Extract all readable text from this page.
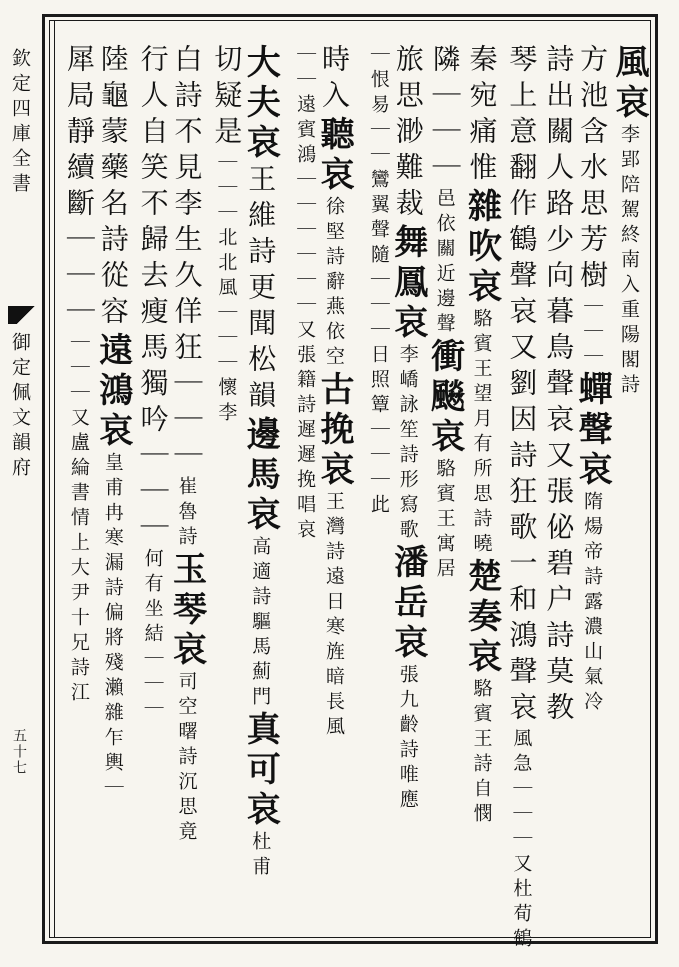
欽定四庫全書
御定佩文韻府
五十七
風哀李郢陪駕終南入重陽閣詩
方池含水思芳樹｜｜｜蟬聲哀隋煬帝詩露濃山氣冷
詩出關人路少向暮鳥聲哀又張佖碧户詩莫教
琴上意翻作鶴聲哀又劉因詩狂歌一和鴻聲哀風急｜｜｜又杜荀鶴
秦宛痛惟雜吹哀駱賓王望月有所思詩曉楚奏哀駱賓王詩自憫
隣｜｜｜邑依關近邊聲衝飈哀駱賓王寓居
旅思渺難裁舞鳳哀李嶠詠笙詩形寫歌潘岳哀張九齡詩唯應
｜恨易｜｜鸞翼聲隨｜｜｜日照簟｜｜｜此
時入聽哀徐堅詩辭燕依空古挽哀王灣詩遠日寒旌暗長風
｜｜遠賓鴻｜｜｜｜｜｜又張籍詩遲遲挽唱哀
大夫哀王維詩更聞松韻邊馬哀高適詩驅馬薊門真可哀杜甫
切疑是｜｜｜北北風｜｜｜懷李
白詩不見李生久佯狂｜｜｜崔魯詩玉琴哀司空曙詩沉思竟
行人自笑不歸去瘦馬獨吟｜｜｜何有坐結｜｜｜
陸龜蒙藥名詩從容遠鴻哀皇甫冉寒漏詩偏將殘瀨雜乍輿｜
犀局靜續斷｜｜｜｜｜｜又盧綸書情上大尹十兄詩江
